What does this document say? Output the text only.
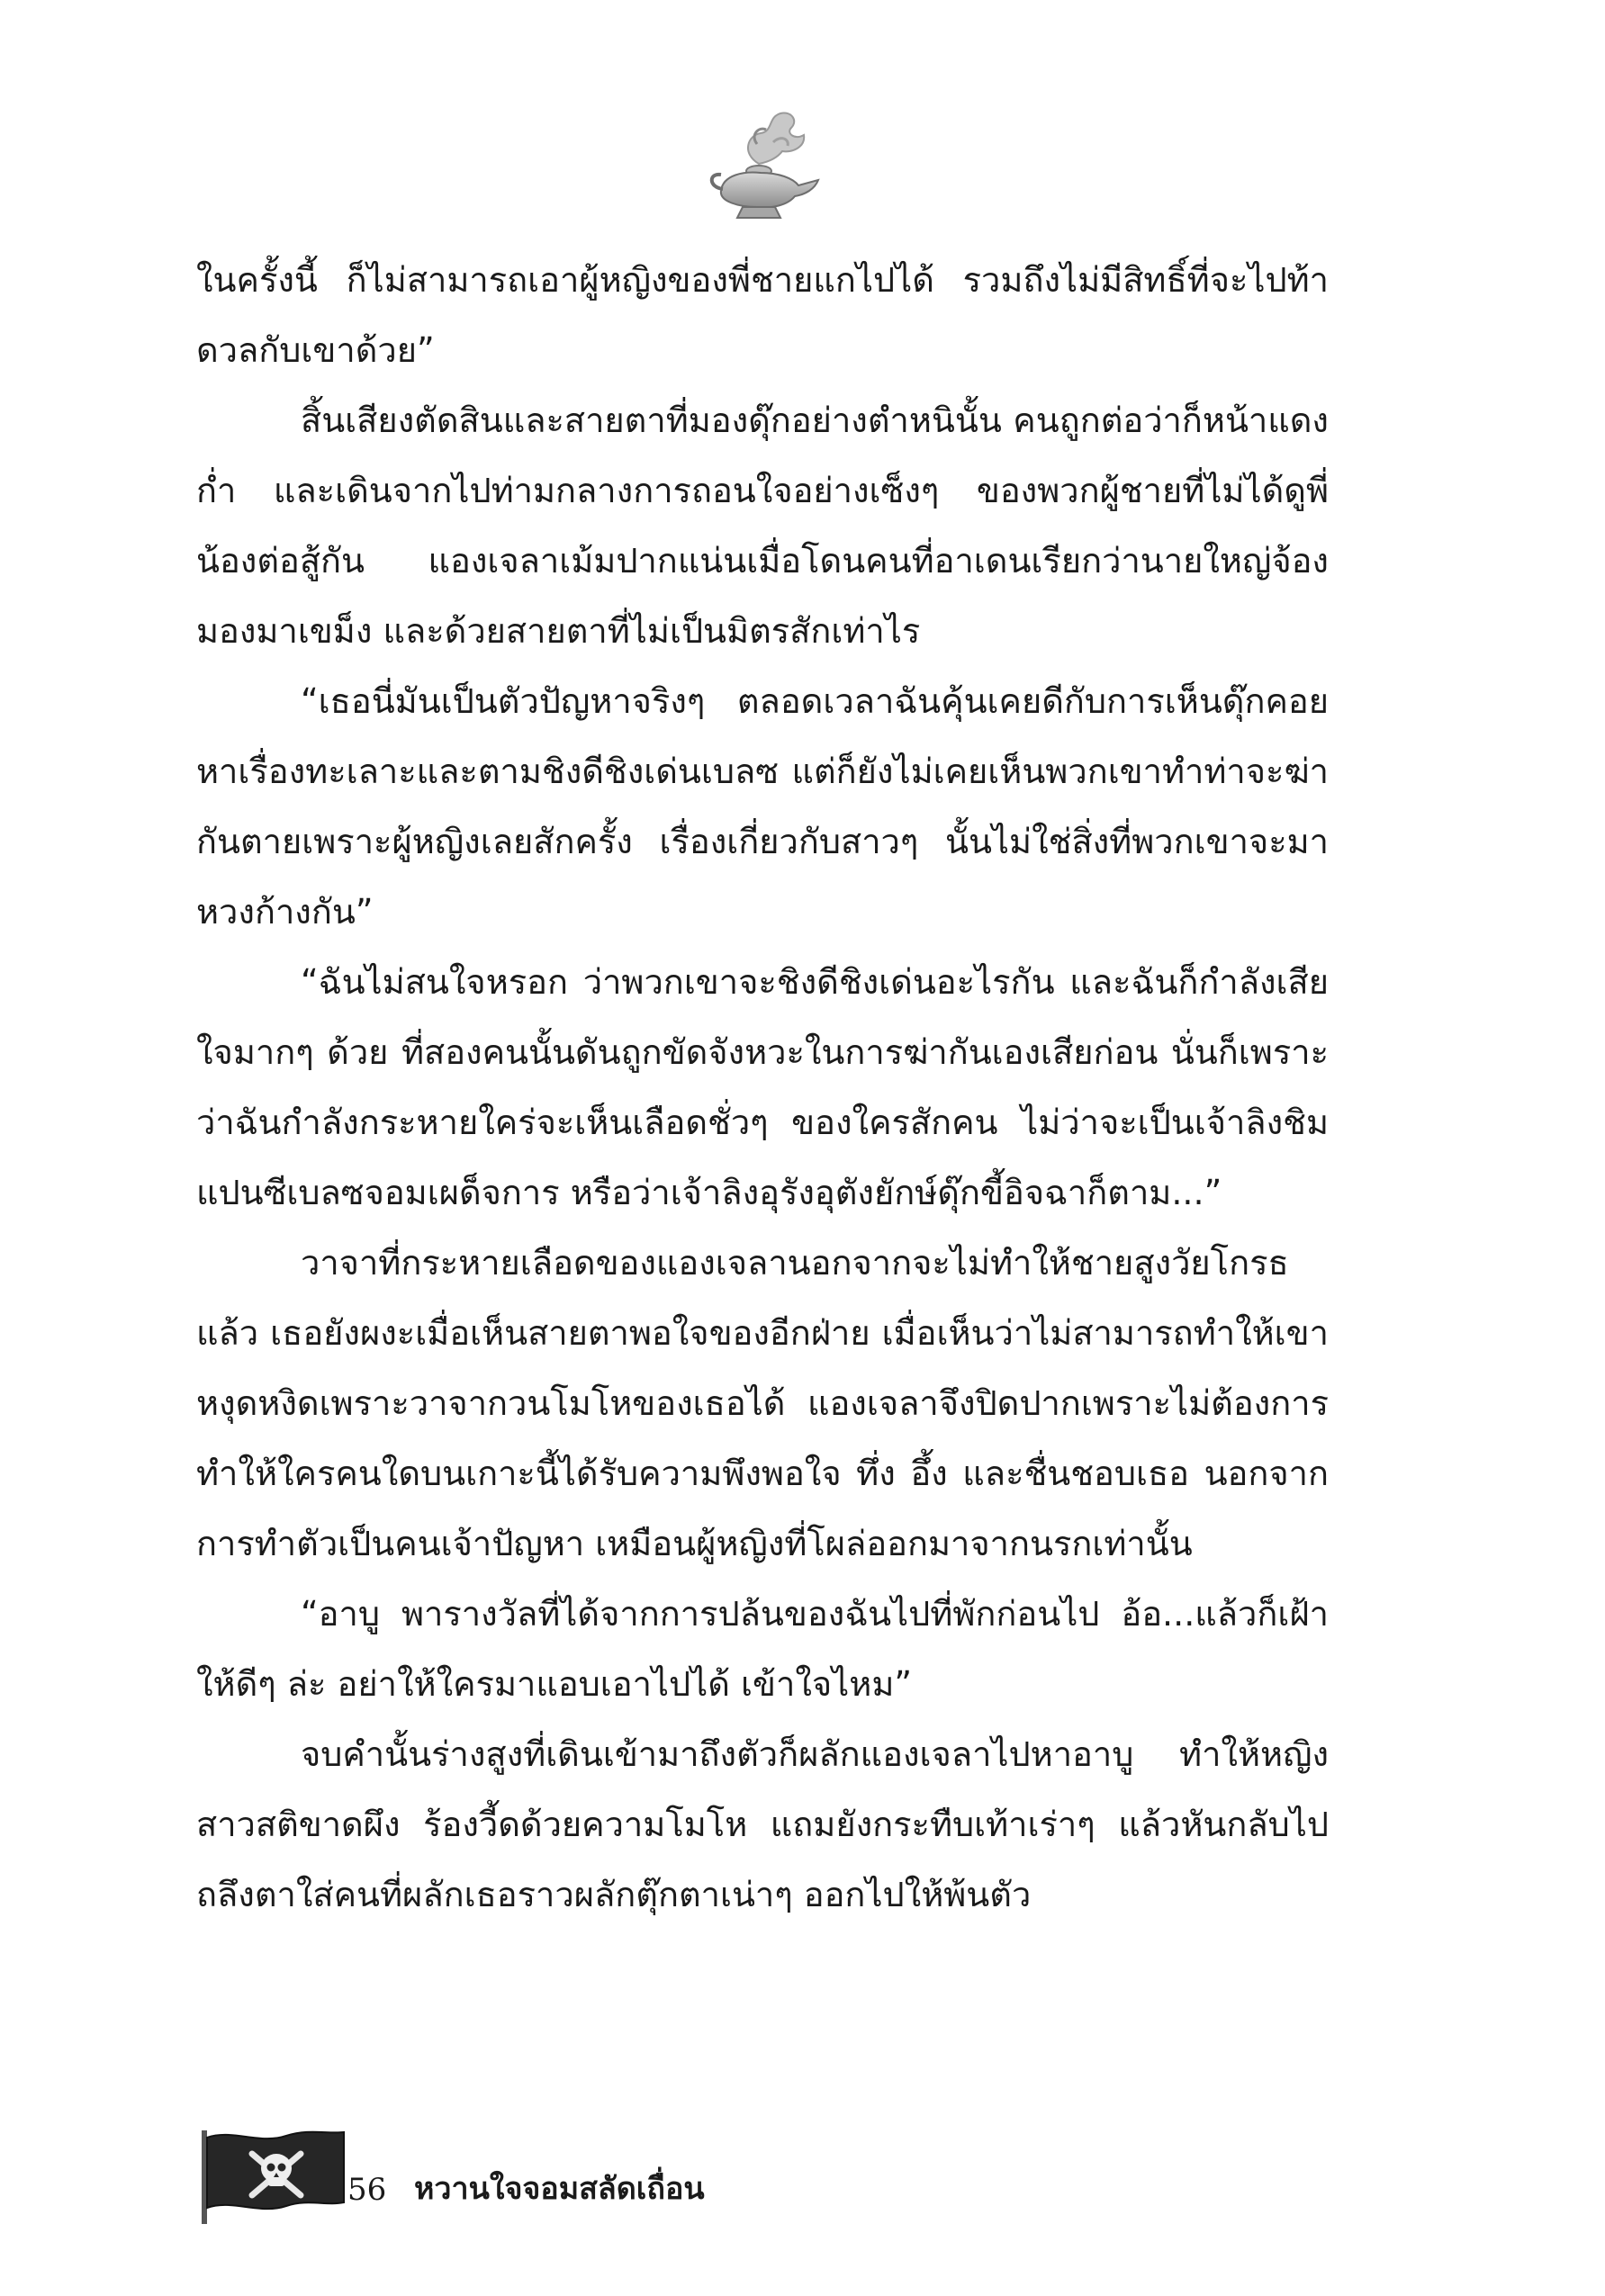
ในครั้งนี้ ก็ไม่สามารถเอาผู้หญิงของพี่ชายแกไปได้ รวมถึงไม่มีสิทธิ์ที่จะไปท้าดวลกับเขาด้วย”

สิ้นเสียงตัดสินและสายตาที่มองดุ๊กอย่างตำหนินั้น คนถูกต่อว่าก็หน้าแดงก่ำ และเดินจากไปท่ามกลางการถอนใจอย่างเซ็งๆ ของพวกผู้ชายที่ไม่ได้ดูพี่น้องต่อสู้กัน แองเจลาเม้มปากแน่นเมื่อโดนคนที่อาเดนเรียกว่านายใหญ่จ้องมองมาเขม็ง และด้วยสายตาที่ไม่เป็นมิตรสักเท่าไร

“เธอนี่มันเป็นตัวปัญหาจริงๆ ตลอดเวลาฉันคุ้นเคยดีกับการเห็นดุ๊กคอยหาเรื่องทะเลาะและตามชิงดีชิงเด่นเบลซ แต่ก็ยังไม่เคยเห็นพวกเขาทำท่าจะฆ่ากันตายเพราะผู้หญิงเลยสักครั้ง เรื่องเกี่ยวกับสาวๆ นั้นไม่ใช่สิ่งที่พวกเขาจะมาหวงก้างกัน”

“ฉันไม่สนใจหรอก ว่าพวกเขาจะชิงดีชิงเด่นอะไรกัน และฉันก็กำลังเสียใจมากๆ ด้วย ที่สองคนนั้นดันถูกขัดจังหวะในการฆ่ากันเองเสียก่อน นั่นก็เพราะว่าฉันกำลังกระหายใคร่จะเห็นเลือดชั่วๆ ของใครสักคน ไม่ว่าจะเป็นเจ้าลิงชิมแปนซีเบลซจอมเผด็จการ หรือว่าเจ้าลิงอุรังอุตังยักษ์ดุ๊กขี้อิจฉาก็ตาม...”

วาจาที่กระหายเลือดของแองเจลานอกจากจะไม่ทำให้ชายสูงวัยโกรธแล้ว เธอยังผงะเมื่อเห็นสายตาพอใจของอีกฝ่าย เมื่อเห็นว่าไม่สามารถทำให้เขาหงุดหงิดเพราะวาจากวนโมโหของเธอได้ แองเจลาจึงปิดปากเพราะไม่ต้องการทำให้ใครคนใดบนเกาะนี้ได้รับความพึงพอใจ ทึ่ง อึ้ง และชื่นชอบเธอ นอกจากการทำตัวเป็นคนเจ้าปัญหา เหมือนผู้หญิงที่โผล่ออกมาจากนรกเท่านั้น

“อาบู พารางวัลที่ได้จากการปล้นของฉันไปที่พักก่อนไป อ้อ...แล้วก็เฝ้าให้ดีๆ ล่ะ อย่าให้ใครมาแอบเอาไปได้ เข้าใจไหม”

จบคำนั้นร่างสูงที่เดินเข้ามาถึงตัวก็ผลักแองเจลาไปหาอาบู ทำให้หญิงสาวสติขาดผึง ร้องวี้ดด้วยความโมโห แถมยังกระทืบเท้าเร่าๆ แล้วหันกลับไปถลึงตาใส่คนที่ผลักเธอราวผลักตุ๊กตาเน่าๆ ออกไปให้พ้นตัว

56 หวานใจจอมสลัดเถื่อน
